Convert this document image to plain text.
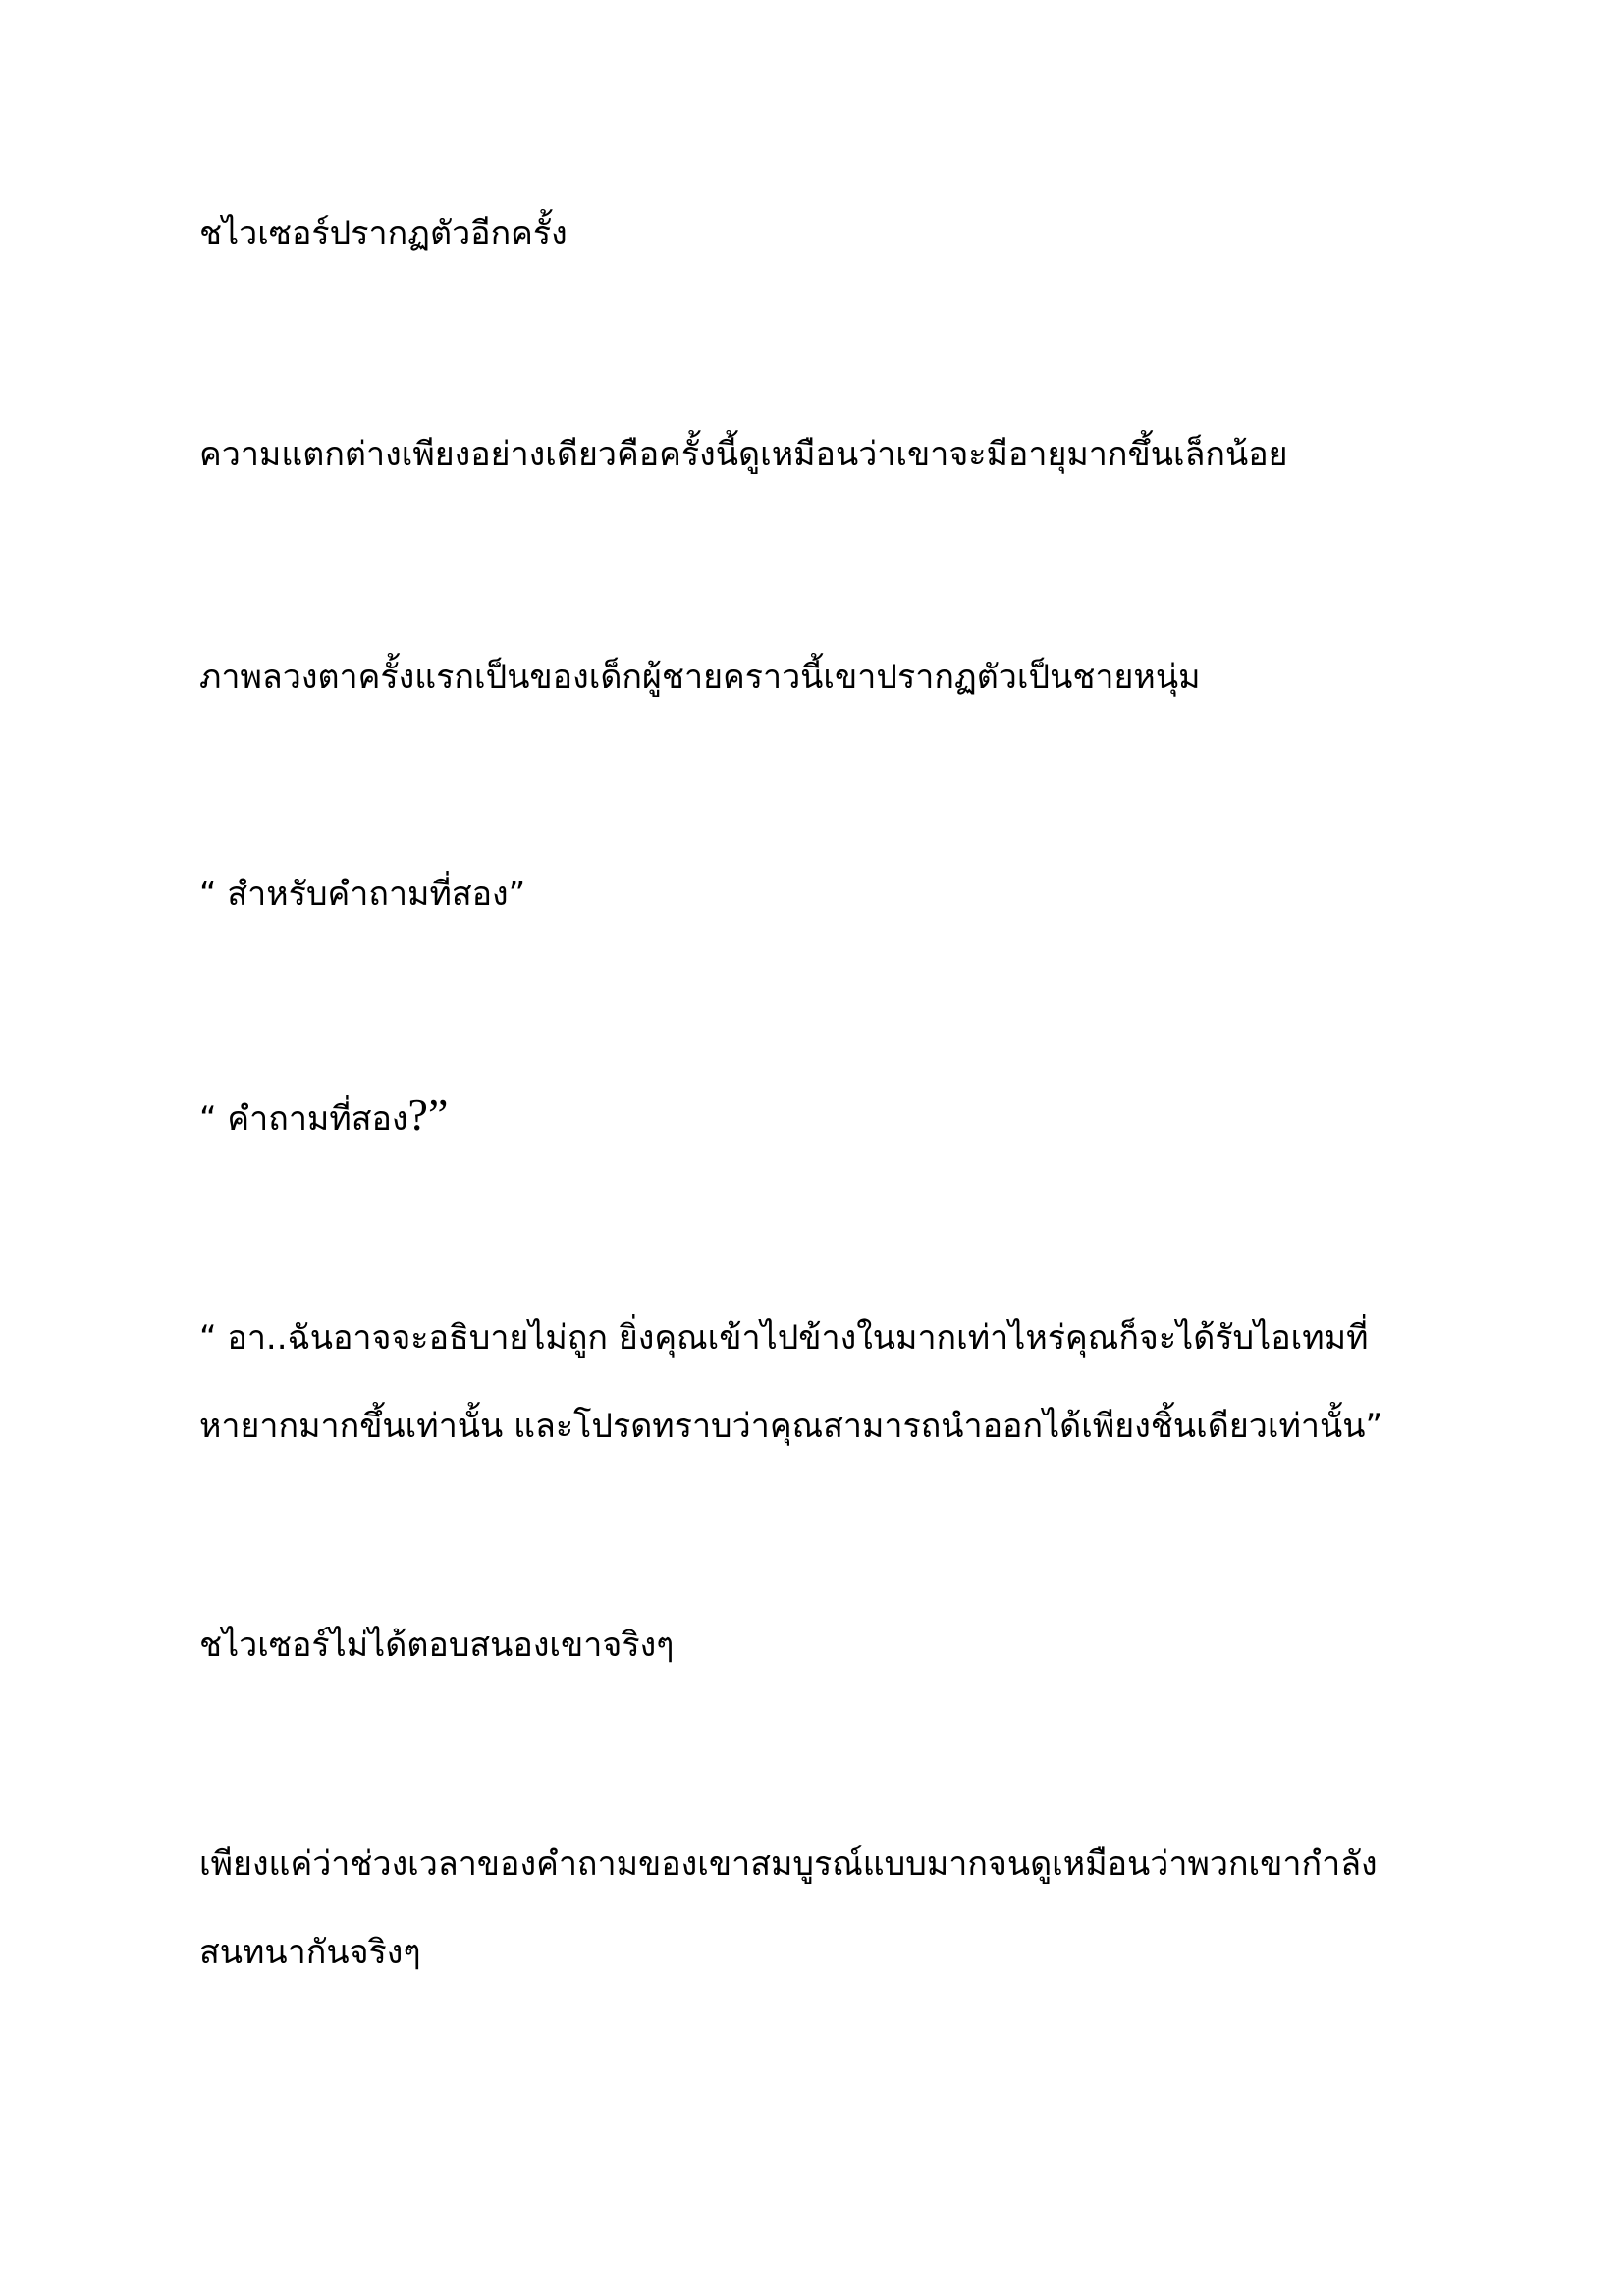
ชไวเซอร์ปรากฏตัวอีกครั้ง

ความแตกต่างเพียงอย่างเดียวคือครั้งนี้ดูเหมือนว่าเขาจะมีอายุมากขึ้นเล็กน้อย

ภาพลวงตาครั้งแรกเป็นของเด็กผู้ชายคราวนี้เขาปรากฏตัวเป็นชายหนุ่ม

“ สำหรับคำถามที่สอง”

“ คำถามที่สอง?”

“ อา..ฉันอาจจะอธิบายไม่ถูก ยิ่งคุณเข้าไปข้างในมากเท่าไหร่คุณก็จะได้รับไอเทมที่
หายากมากขึ้นเท่านั้น และโปรดทราบว่าคุณสามารถนำออกได้เพียงชิ้นเดียวเท่านั้น”

ชไวเซอร์ไม่ได้ตอบสนองเขาจริงๆ

เพียงแค่ว่าช่วงเวลาของคำถามของเขาสมบูรณ์แบบมากจนดูเหมือนว่าพวกเขากำลัง
สนทนากันจริงๆ
